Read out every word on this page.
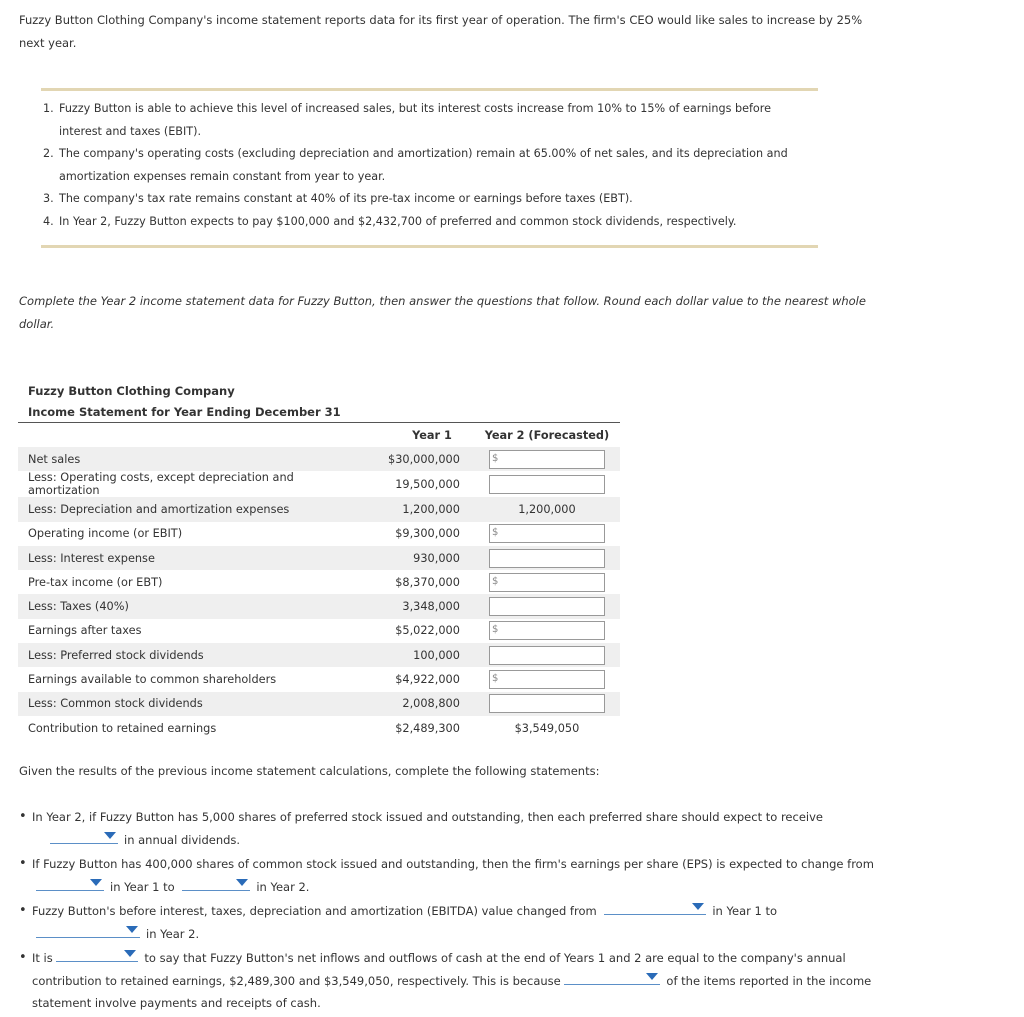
Fuzzy Button Clothing Company's income statement reports data for its first year of operation. The firm's CEO would like sales to increase by 25% next year.
1. Fuzzy Button is able to achieve this level of increased sales, but its interest costs increase from 10% to 15% of earnings before interest and taxes (EBIT).
2. The company's operating costs (excluding depreciation and amortization) remain at 65.00% of net sales, and its depreciation and amortization expenses remain constant from year to year.
3. The company's tax rate remains constant at 40% of its pre-tax income or earnings before taxes (EBT).
4. In Year 2, Fuzzy Button expects to pay $100,000 and $2,432,700 of preferred and common stock dividends, respectively.
Complete the Year 2 income statement data for Fuzzy Button, then answer the questions that follow. Round each dollar value to the nearest whole dollar.
Fuzzy Button Clothing Company
Income Statement for Year Ending December 31
	Year 1	Year 2 (Forecasted)
Net sales	$30,000,000	$

Less: Operating costs, except depreciation and amortization	19,500,000	
Less: Depreciation and amortization expenses	1,200,000	1,200,000
Operating income (or EBIT)	$9,300,000	$

Less: Interest expense	930,000	
Pre-tax income (or EBT)	$8,370,000	$

Less: Taxes (40%)	3,348,000	
Earnings after taxes	$5,022,000	$

Less: Preferred stock dividends	100,000	
Earnings available to common shareholders	$4,922,000	$

Less: Common stock dividends	2,008,800	
Contribution to retained earnings	$2,489,300	$3,549,050
Given the results of the previous income statement calculations, complete the following statements:
• In Year 2, if Fuzzy Button has 5,000 shares of preferred stock issued and outstanding, then each preferred share should expect to receive

in annual dividends.
• If Fuzzy Button has 400,000 shares of common stock issued and outstanding, then the firm's earnings per share (EPS) is expected to change from

in Year 1 to	in Year 2.
• Fuzzy Button's before interest, taxes, depreciation and amortization (EBITDA) value changed from	in Year 1 to

in Year 2.
• It is	to say that Fuzzy Button's net inflows and outflows of cash at the end of Years 1 and 2 are equal to the company's annual contribution to retained earnings, $2,489,300 and $3,549,050, respectively. This is because	of the items reported in the income statement involve payments and receipts of cash.
